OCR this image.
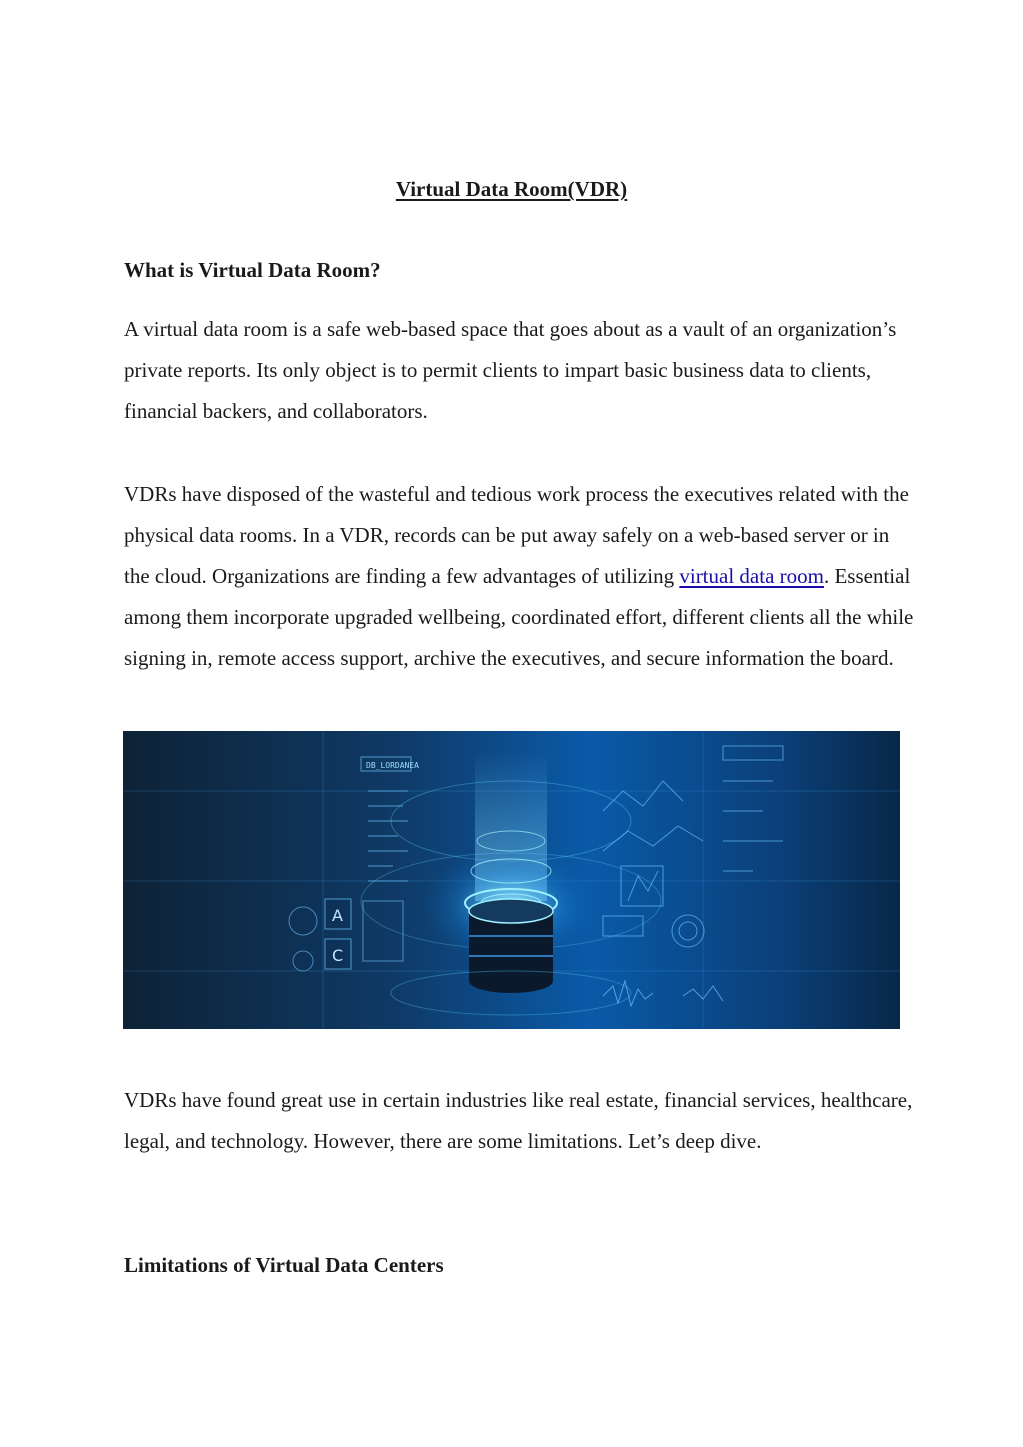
Virtual Data Room(VDR)
What is Virtual Data Room?

A virtual data room is a safe web-based space that goes about as a vault of an organization’s private reports. Its only object is to permit clients to impart basic business data to clients, financial backers, and collaborators.

VDRs have disposed of the wasteful and tedious work process the executives related with the physical data rooms. In a VDR, records can be put away safely on a web-based server or in the cloud. Organizations are finding a few advantages of utilizing virtual data room. Essential among them incorporate upgraded wellbeing, coordinated effort, different clients all the while signing in, remote access support, archive the executives, and secure information the board.

DB_LORDANEA
A
C

VDRs have found great use in certain industries like real estate, financial services, healthcare, legal, and technology. However, there are some limitations. Let’s deep dive.

Limitations of Virtual Data Centers
